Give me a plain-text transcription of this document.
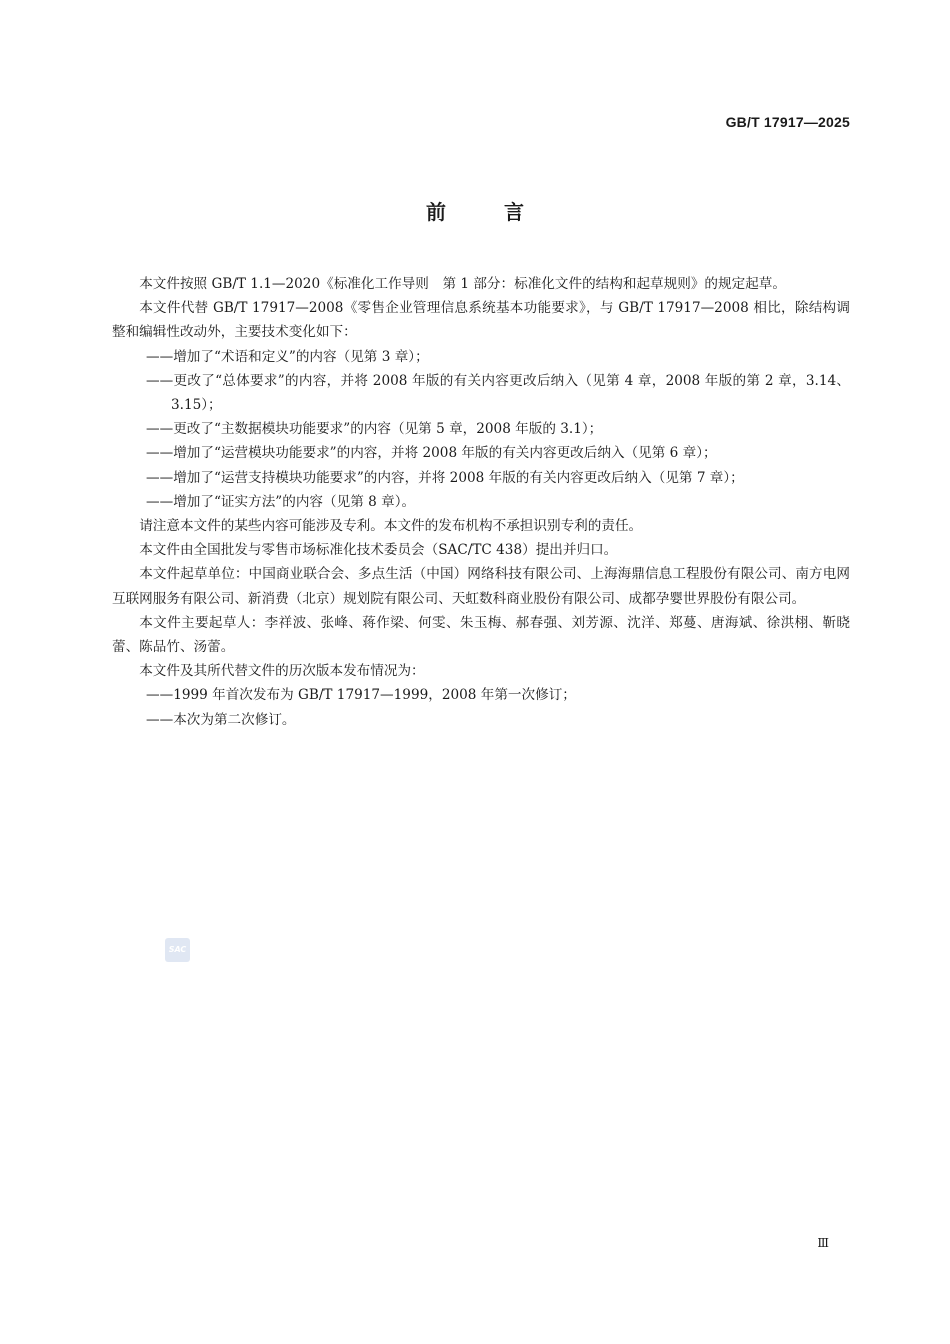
GB/T 17917—2025
前言

本文件按照 GB/T 1.1—2020《标准化工作导则　第 1 部分：标准化文件的结构和起草规则》的规定起草。

本文件代替 GB/T 17917—2008《零售企业管理信息系统基本功能要求》，与 GB/T 17917—2008 相比，除结构调整和编辑性改动外，主要技术变化如下：

——增加了“术语和定义”的内容（见第 3 章）；

——更改了“总体要求”的内容，并将 2008 年版的有关内容更改后纳入（见第 4 章，2008 年版的第 2 章，3.14、3.15）；

——更改了“主数据模块功能要求”的内容（见第 5 章，2008 年版的 3.1）；

——增加了“运营模块功能要求”的内容，并将 2008 年版的有关内容更改后纳入（见第 6 章）；

——增加了“运营支持模块功能要求”的内容，并将 2008 年版的有关内容更改后纳入（见第 7 章）；

——增加了“证实方法”的内容（见第 8 章）。

请注意本文件的某些内容可能涉及专利。本文件的发布机构不承担识别专利的责任。

本文件由全国批发与零售市场标准化技术委员会（SAC/TC 438）提出并归口。

本文件起草单位：中国商业联合会、多点生活（中国）网络科技有限公司、上海海鼎信息工程股份有限公司、南方电网互联网服务有限公司、新消费（北京）规划院有限公司、天虹数科商业股份有限公司、成都孕婴世界股份有限公司。

本文件主要起草人：李祥波、张峰、蒋作梁、何雯、朱玉梅、郝春强、刘芳源、沈洋、郑蔓、唐海斌、徐洪栩、靳晓蕾、陈品竹、汤蕾。

本文件及其所代替文件的历次版本发布情况为：

——1999 年首次发布为 GB/T 17917—1999，2008 年第一次修订；

——本次为第二次修订。

SAC
Ⅲ
